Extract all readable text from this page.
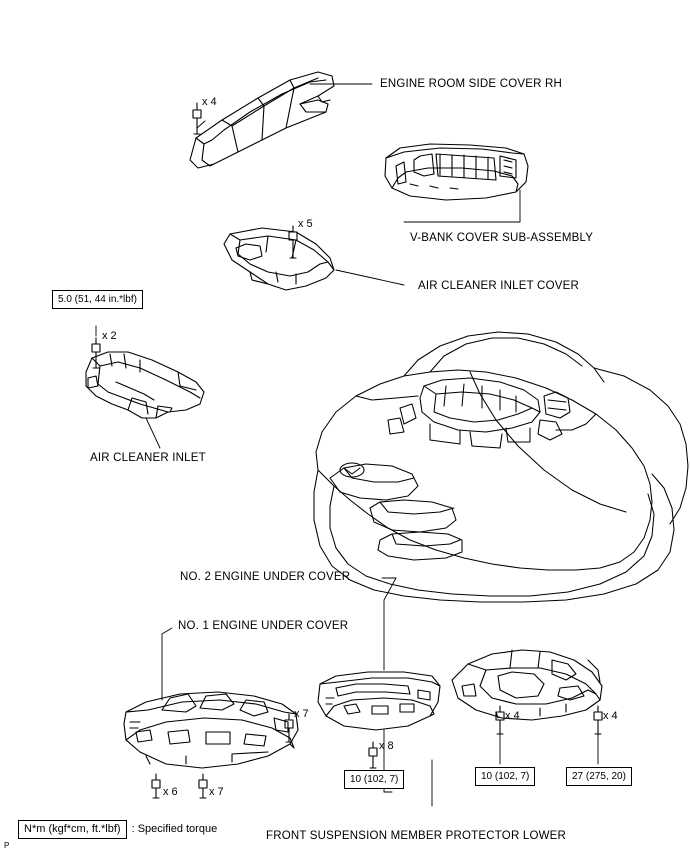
ENGINE ROOM SIDE COVER RH
V-BANK COVER SUB-ASSEMBLY
AIR CLEANER INLET COVER
AIR CLEANER INLET
NO. 2 ENGINE UNDER COVER
NO. 1 ENGINE UNDER COVER
FRONT SUSPENSION MEMBER PROTECTOR LOWER
x 4
x 5
x 2
x 7
x 6	x 7
x 8
x 4	x 4
5.0 (51, 44 in.*lbf)
10 (102, 7)
10 (102, 7)	27 (275, 20)
N*m (kgf*cm, ft.*lbf) : Specified torque
P
